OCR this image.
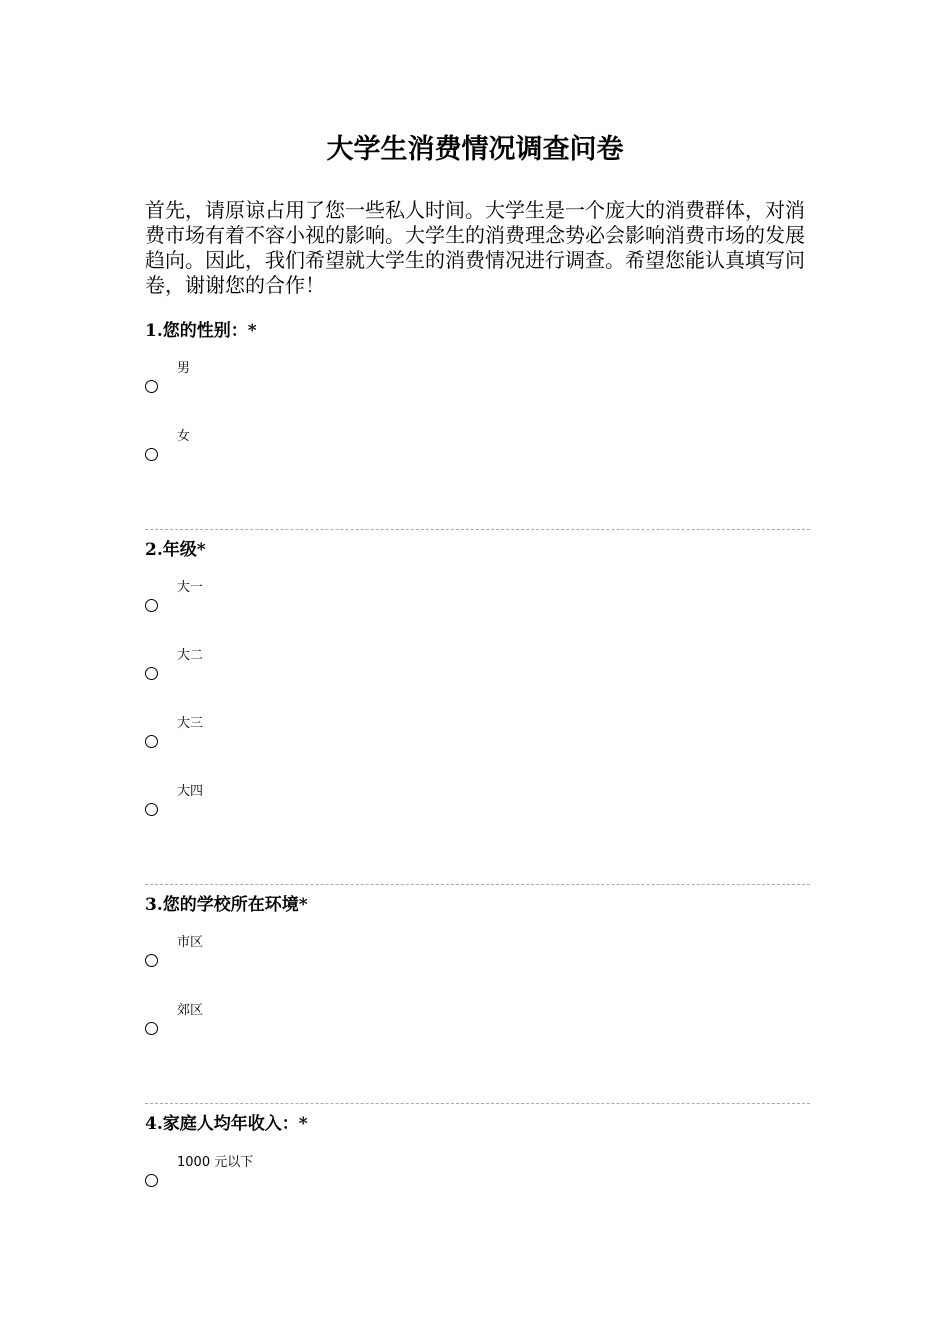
大学生消费情况调查问卷

首先，请原谅占用了您一些私人时间。大学生是一个庞大的消费群体，对消费市场有着不容小视的影响。大学生的消费理念势必会影响消费市场的发展趋向。因此，我们希望就大学生的消费情况进行调查。希望您能认真填写问卷，谢谢您的合作！

1.您的性别：*

男
女

2.年级*

大一
大二
大三
大四

3.您的学校所在环境*

市区
郊区

4.家庭人均年收入：*

1000 元以下
